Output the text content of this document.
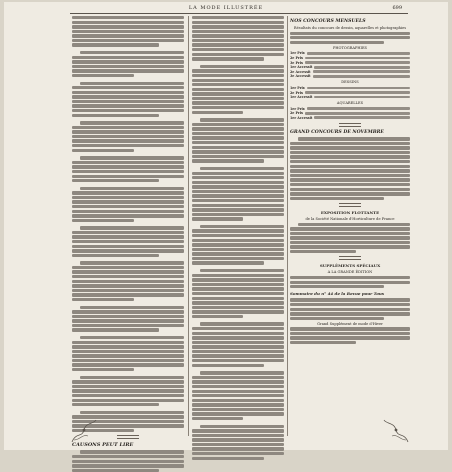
LA MODE ILLUSTRÉE	699
CAUSONS PEUT LIRE
NOS CONCOURS MENSUELS
Résultats du concours de dessin, aquarelles et photographies
PHOTOGRAPHIES
1er Prix
2e Prix
3e Prix
1er Accessit
2e Accessit
3e Accessit
DESSINS
1er Prix
2e Prix
1er Accessit
AQUARELLES
1er Prix
2e Prix
1er Accessit
GRAND CONCOURS DE NOVEMBRE
EXPOSITION FLOTTANTE
de la Société Nationale d'Horticulture de France
SUPPLÉMENTS SPÉCIAUX
A LA GRANDE ÉDITION
Sommaire du n° 44 de la Revue pour Tous
Grand Supplément de mode d'Hiver
